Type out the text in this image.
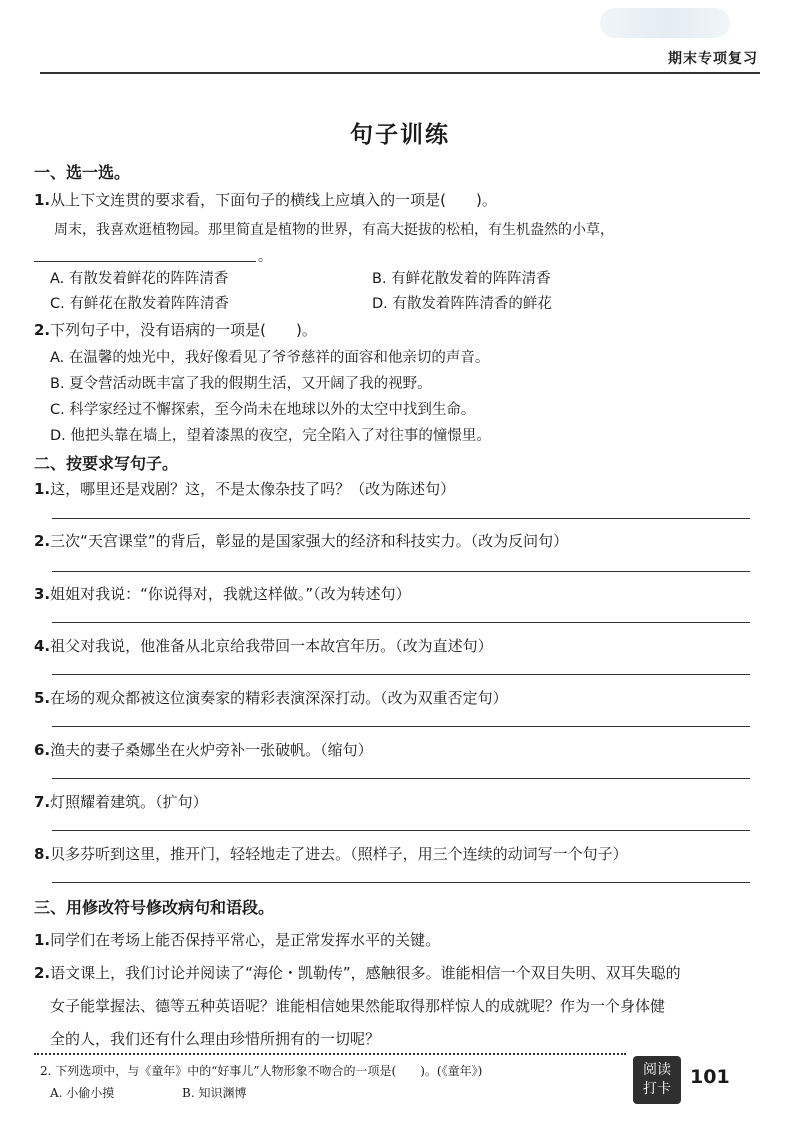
期末专项复习
句子训练
一、选一选。
1.从上下文连贯的要求看，下面句子的横线上应填入的一项是(　　)。
周末，我喜欢逛植物园。那里简直是植物的世界，有高大挺拔的松柏，有生机盎然的小草，
。
A. 有散发着鲜花的阵阵清香	B. 有鲜花散发着的阵阵清香
C. 有鲜花在散发着阵阵清香	D. 有散发着阵阵清香的鲜花
2.下列句子中，没有语病的一项是(　　)。
A. 在温馨的烛光中，我好像看见了爷爷慈祥的面容和他亲切的声音。
B. 夏令营活动既丰富了我的假期生活，又开阔了我的视野。
C. 科学家经过不懈探索，至今尚未在地球以外的太空中找到生命。
D. 他把头靠在墙上，望着漆黑的夜空，完全陷入了对往事的憧憬里。
二、按要求写句子。
1.这，哪里还是戏剧？这，不是太像杂技了吗？（改为陈述句）
2.三次“天宫课堂”的背后，彰显的是国家强大的经济和科技实力。（改为反问句）
3.姐姐对我说：“你说得对，我就这样做。”（改为转述句）
4.祖父对我说，他准备从北京给我带回一本故宫年历。（改为直述句）
5.在场的观众都被这位演奏家的精彩表演深深打动。（改为双重否定句）
6.渔夫的妻子桑娜坐在火炉旁补一张破帆。（缩句）
7.灯照耀着建筑。（扩句）
8.贝多芬听到这里，推开门，轻轻地走了进去。（照样子，用三个连续的动词写一个句子）
三、用修改符号修改病句和语段。
1.同学们在考场上能否保持平常心，是正常发挥水平的关键。
2.语文课上，我们讨论并阅读了“海伦・凯勒传”，感触很多。谁能相信一个双目失明、双耳失聪的
女子能掌握法、德等五种英语呢？谁能相信她果然能取得那样惊人的成就呢？作为一个身体健
全的人，我们还有什么理由珍惜所拥有的一切呢？
2. 下列选项中，与《童年》中的“好事儿”人物形象不吻合的一项是(　　)。(《童年》)
A. 小偷小摸	B. 知识渊博
阅读
打卡
101
